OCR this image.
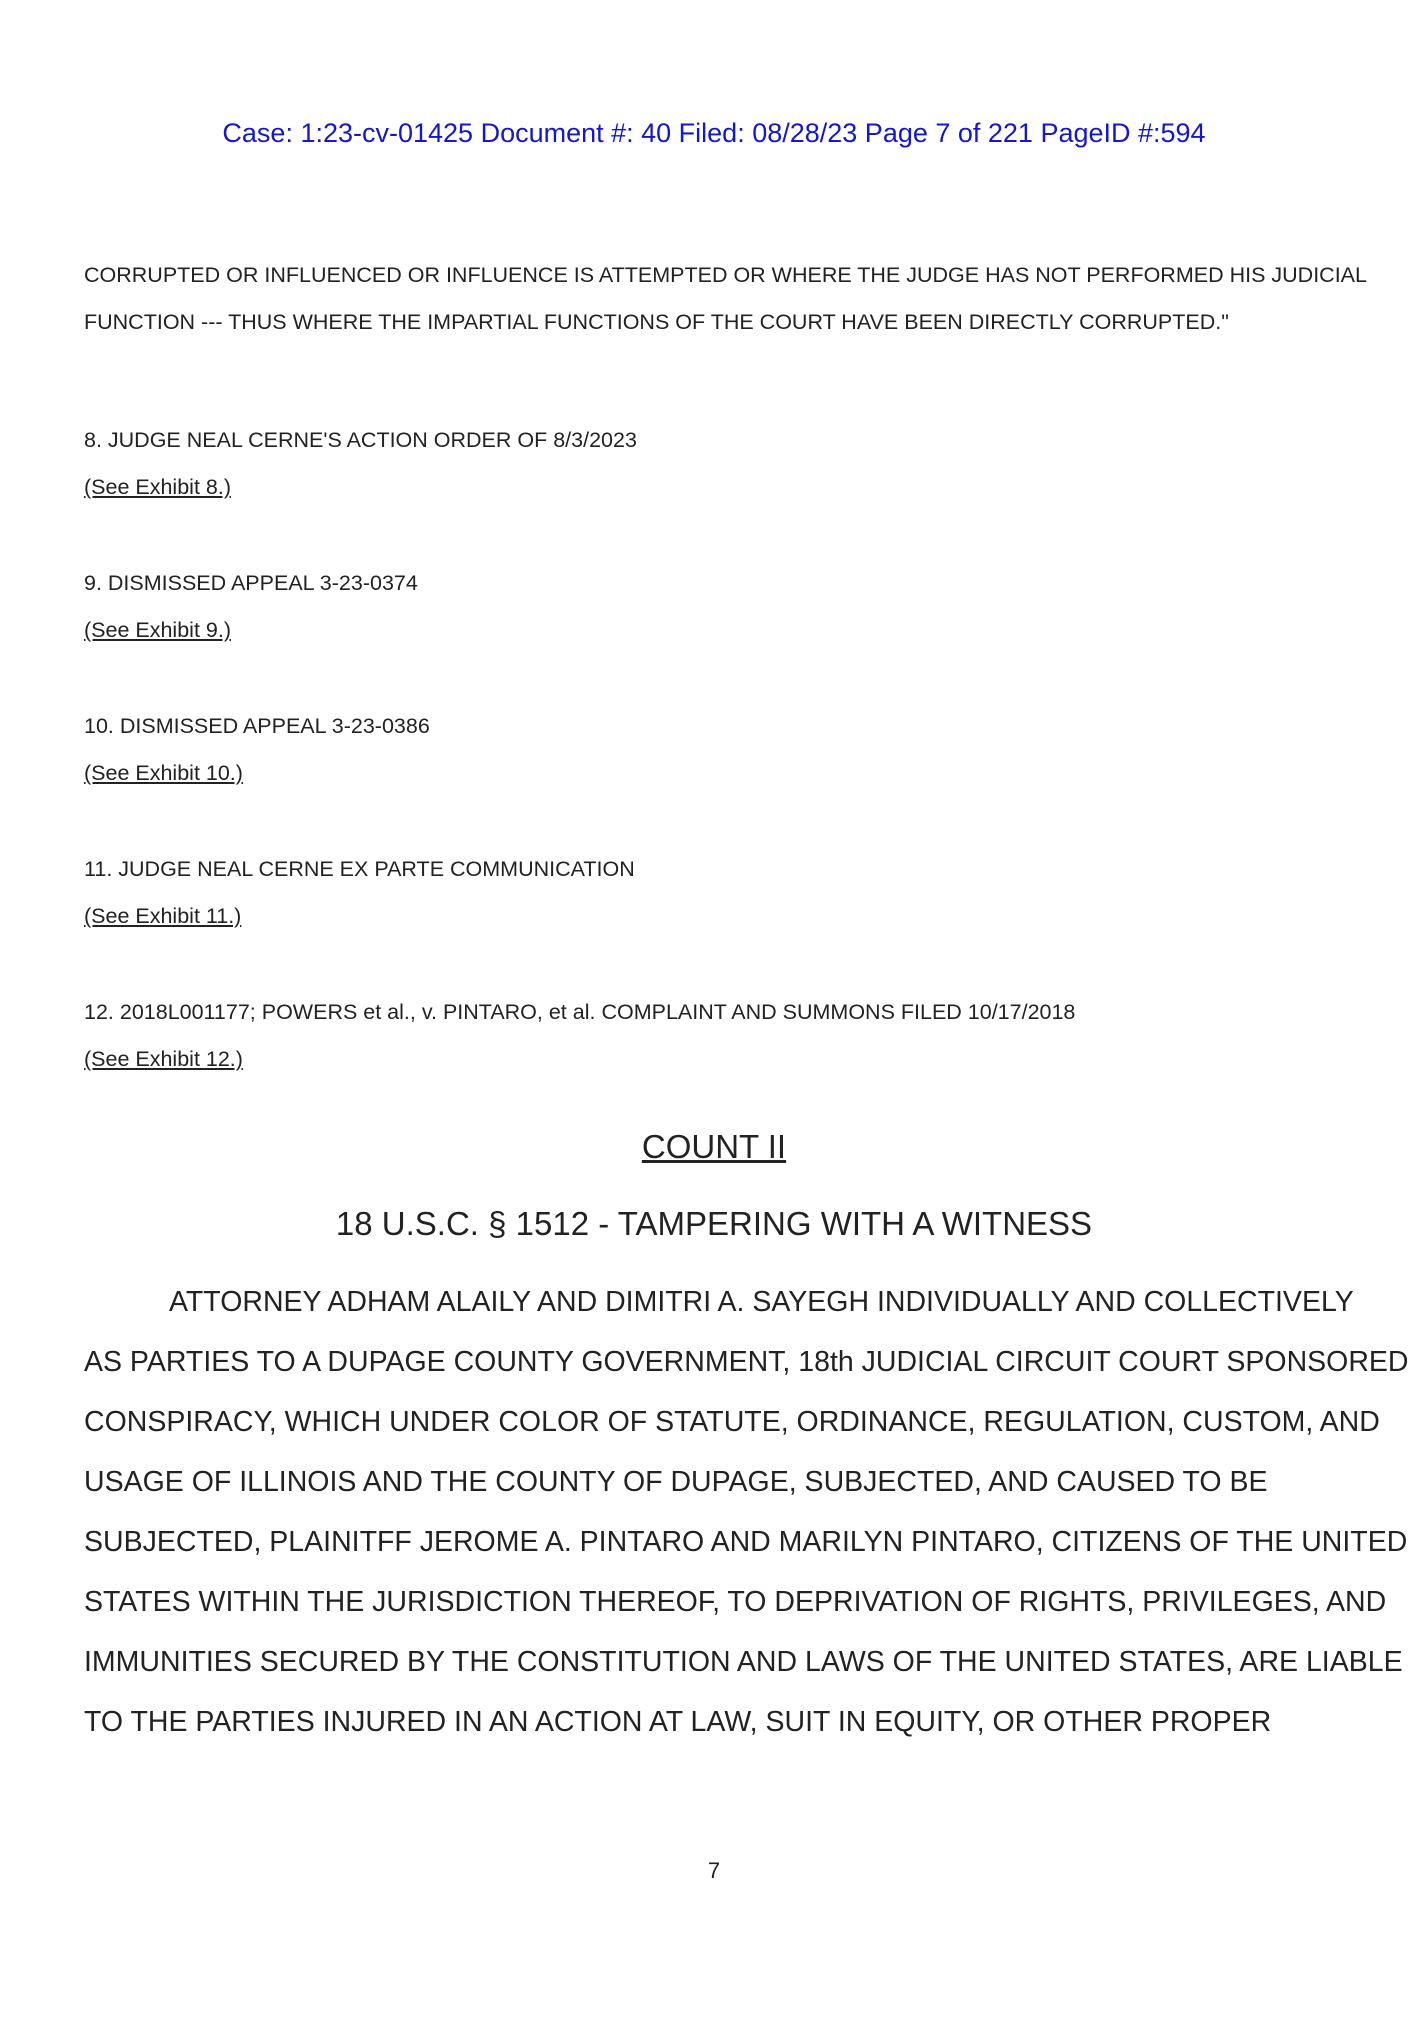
Case: 1:23-cv-01425 Document #: 40 Filed: 08/28/23 Page 7 of 221 PageID #:594
CORRUPTED OR INFLUENCED OR INFLUENCE IS ATTEMPTED OR WHERE THE JUDGE HAS NOT PERFORMED HIS JUDICIAL
FUNCTION --- THUS WHERE THE IMPARTIAL FUNCTIONS OF THE COURT HAVE BEEN DIRECTLY CORRUPTED."
8. JUDGE NEAL CERNE'S ACTION ORDER OF 8/3/2023
(See Exhibit 8.)
9. DISMISSED APPEAL 3-23-0374
(See Exhibit 9.)
10. DISMISSED APPEAL 3-23-0386
(See Exhibit 10.)
11. JUDGE NEAL CERNE EX PARTE COMMUNICATION
(See Exhibit 11.)
12. 2018L001177; POWERS et al., v. PINTARO, et al. COMPLAINT AND SUMMONS FILED 10/17/2018
(See Exhibit 12.)
COUNT II
18 U.S.C. § 1512 - TAMPERING WITH A WITNESS
ATTORNEY ADHAM ALAILY AND DIMITRI A. SAYEGH INDIVIDUALLY AND COLLECTIVELY
AS PARTIES TO A DUPAGE COUNTY GOVERNMENT, 18th JUDICIAL CIRCUIT COURT SPONSORED
CONSPIRACY, WHICH UNDER COLOR OF STATUTE, ORDINANCE, REGULATION, CUSTOM, AND
USAGE OF ILLINOIS AND THE COUNTY OF DUPAGE, SUBJECTED, AND CAUSED TO BE
SUBJECTED, PLAINITFF JEROME A. PINTARO AND MARILYN PINTARO, CITIZENS OF THE UNITED
STATES WITHIN THE JURISDICTION THEREOF, TO DEPRIVATION OF RIGHTS, PRIVILEGES, AND
IMMUNITIES SECURED BY THE CONSTITUTION AND LAWS OF THE UNITED STATES, ARE LIABLE
TO THE PARTIES INJURED IN AN ACTION AT LAW, SUIT IN EQUITY, OR OTHER PROPER
7
